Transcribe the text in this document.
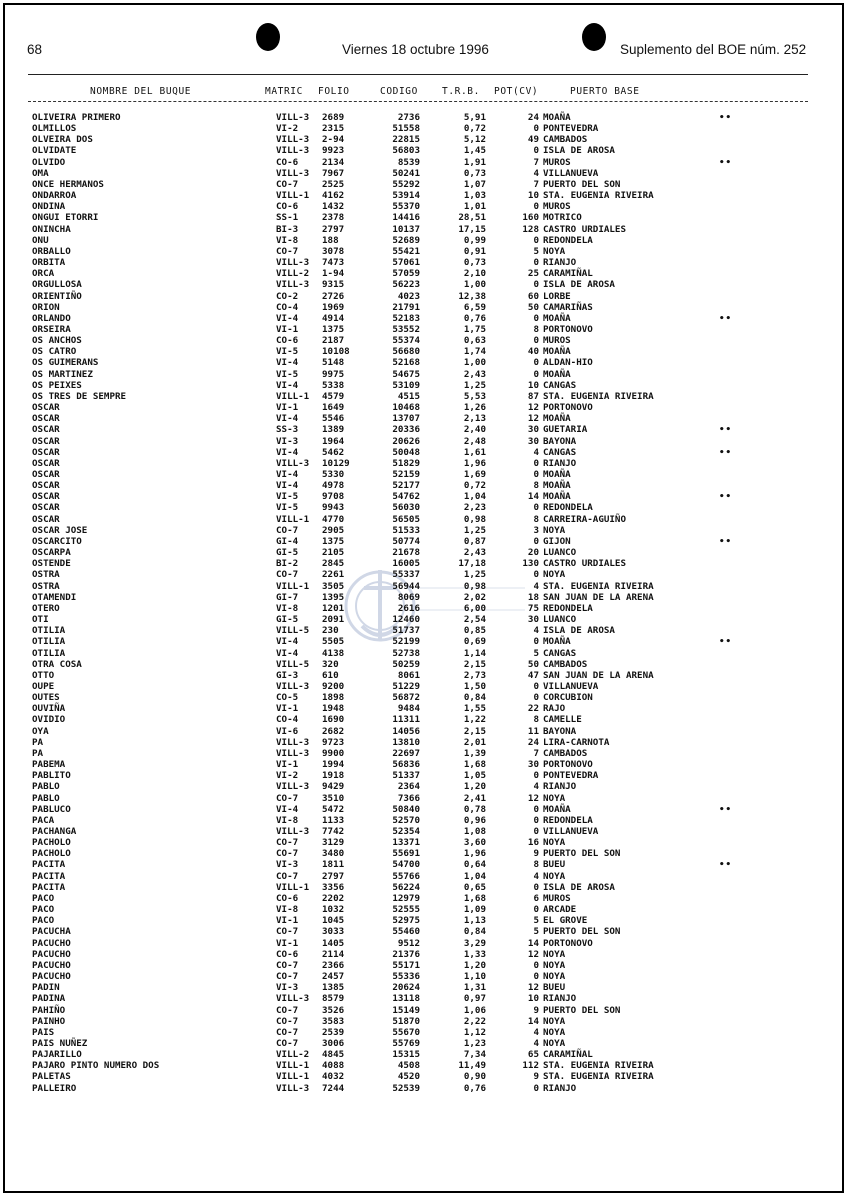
68	Viernes 18 octubre 1996	Suplemento del BOE núm. 252
NOMBRE DEL BUQUE	MATRIC FOLIO	CODIGO	T.R.B. POT(CV)	PUERTO BASE
OLIVEIRA PRIMERO	VILL-3 2689	2736	5,91	24 MOAÑA	••
OLMILLOS	VI-2	2315	51558	0,72	0 PONTEVEDRA
OLVEIRA DOS	VILL-3 2-94	22815	5,12	49 CAMBADOS
OLVIDATE	VILL-3 9923	56803	1,45	0 ISLA DE AROSA
OLVIDO	CO-6	2134	8539	1,91	7 MUROS	••
OMA	VILL-3 7967	50241	0,73	4 VILLANUEVA
ONCE HERMANOS	CO-7	2525	55292	1,07	7 PUERTO DEL SON
ONDARROA	VILL-1 4162	53914	1,03	10 STA. EUGENIA RIVEIRA
ONDINA	CO-6	1432	55370	1,01	0 MUROS
ONGUI ETORRI	SS-1	2378	14416	28,51	160 MOTRICO
ONINCHA	BI-3	2797	10137	17,15	128 CASTRO URDIALES
ONU	VI-8	188	52689	0,99	0 REDONDELA
ORBALLO	CO-7	3078	55421	0,91	5 NOYA
ORBITA	VILL-3 7473	57061	0,73	0 RIANJO
ORCA	VILL-2 1-94	57059	2,10	25 CARAMIÑAL
ORGULLOSA	VILL-3 9315	56223	1,00	0 ISLA DE AROSA
ORIENTIÑO	CO-2	2726	4023	12,38	60 LORBE
ORION	CO-4	1969	21791	6,59	50 CAMARIÑAS
ORLANDO	VI-4	4914	52183	0,76	0 MOAÑA	••
ORSEIRA	VI-1	1375	53552	1,75	8 PORTONOVO
OS ANCHOS	CO-6	2187	55374	0,63	0 MUROS
OS CATRO	VI-5	10108	56680	1,74	40 MOAÑA
OS GUIMERANS	VI-4	5148	52168	1,00	0 ALDAN-HIO
OS MARTINEZ	VI-5	9975	54675	2,43	0 MOAÑA
OS PEIXES	VI-4	5338	53109	1,25	10 CANGAS
OS TRES DE SEMPRE	VILL-1 4579	4515	5,53	87 STA. EUGENIA RIVEIRA
OSCAR	VI-1	1649	10468	1,26	12 PORTONOVO
OSCAR	VI-4	5546	13707	2,13	12 MOAÑA
OSCAR	SS-3	1389	20336	2,40	30 GUETARIA	••
OSCAR	VI-3	1964	20626	2,48	30 BAYONA
OSCAR	VI-4	5462	50048	1,61	4 CANGAS	••
OSCAR	VILL-3 10129	51829	1,96	0 RIANJO
OSCAR	VI-4	5330	52159	1,69	0 MOAÑA
OSCAR	VI-4	4978	52177	0,72	8 MOAÑA
OSCAR	VI-5	9708	54762	1,04	14 MOAÑA	••
OSCAR	VI-5	9943	56030	2,23	0 REDONDELA
OSCAR	VILL-1 4770	56505	0,98	8 CARREIRA-AGUIÑO
OSCAR JOSE	CO-7	2905	51533	1,25	3 NOYA
OSCARCITO	GI-4	1375	50774	0,87	0 GIJON	••
OSCARPA	GI-5	2105	21678	2,43	20 LUANCO
OSTENDE	BI-2	2845	16005	17,18	130 CASTRO URDIALES
OSTRA	CO-7	2261	55337	1,25	0 NOYA
OSTRA	VILL-1 3505	56944	0,98	4 STA. EUGENIA RIVEIRA
OTAMENDI	GI-7	1395	8069	2,02	18 SAN JUAN DE LA ARENA
OTERO	VI-8	1201	2616	6,00	75 REDONDELA
OTI	GI-5	2091	12460	2,54	30 LUANCO
OTILIA	VILL-5 230	51737	0,85	4 ISLA DE AROSA
OTILIA	VI-4	5505	52199	0,69	0 MOAÑA	••
OTILIA	VI-4	4138	52738	1,14	5 CANGAS
OTRA COSA	VILL-5 320	50259	2,15	50 CAMBADOS
OTTO	GI-3	610	8061	2,73	47 SAN JUAN DE LA ARENA
OUPE	VILL-3 9200	51229	1,50	0 VILLANUEVA
OUTES	CO-5	1898	56872	0,84	0 CORCUBION
OUVIÑA	VI-1	1948	9484	1,55	22 RAJO
OVIDIO	CO-4	1690	11311	1,22	8 CAMELLE
OYA	VI-6	2682	14056	2,15	11 BAYONA
PA	VILL-3 9723	13810	2,01	24 LIRA-CARNOTA
PA	VILL-3 9900	22697	1,39	7 CAMBADOS
PABEMA	VI-1	1994	56836	1,68	30 PORTONOVO
PABLITO	VI-2	1918	51337	1,05	0 PONTEVEDRA
PABLO	VILL-3 9429	2364	1,20	4 RIANJO
PABLO	CO-7	3510	7366	2,41	12 NOYA
PABLUCO	VI-4	5472	50840	0,78	0 MOAÑA	••
PACA	VI-8	1133	52570	0,96	0 REDONDELA
PACHANGA	VILL-3 7742	52354	1,08	0 VILLANUEVA
PACHOLO	CO-7	3129	13371	3,60	16 NOYA
PACHOLO	CO-7	3480	55691	1,96	9 PUERTO DEL SON
PACITA	VI-3	1811	54700	0,64	8 BUEU	••
PACITA	CO-7	2797	55766	1,04	4 NOYA
PACITA	VILL-1 3356	56224	0,65	0 ISLA DE AROSA
PACO	CO-6	2202	12979	1,68	6 MUROS
PACO	VI-8	1032	52555	1,09	0 ARCADE
PACO	VI-1	1045	52975	1,13	5 EL GROVE
PACUCHA	CO-7	3033	55460	0,84	5 PUERTO DEL SON
PACUCHO	VI-1	1405	9512	3,29	14 PORTONOVO
PACUCHO	CO-6	2114	21376	1,33	12 NOYA
PACUCHO	CO-7	2366	55171	1,20	0 NOYA
PACUCHO	CO-7	2457	55336	1,10	0 NOYA
PADIN	VI-3	1385	20624	1,31	12 BUEU
PADINA	VILL-3 8579	13118	0,97	10 RIANJO
PAHIÑO	CO-7	3526	15149	1,06	9 PUERTO DEL SON
PAINHO	CO-7	3583	51870	2,22	14 NOYA
PAIS	CO-7	2539	55670	1,12	4 NOYA
PAIS NUÑEZ	CO-7	3006	55769	1,23	4 NOYA
PAJARILLO	VILL-2 4845	15315	7,34	65 CARAMIÑAL
PAJARO PINTO NUMERO DOS	VILL-1 4088	4508	11,49	112 STA. EUGENIA RIVEIRA
PALETAS	VILL-1 4032	4520	0,90	9 STA. EUGENIA RIVEIRA
PALLEIRO	VILL-3 7244	52539	0,76	0 RIANJO
